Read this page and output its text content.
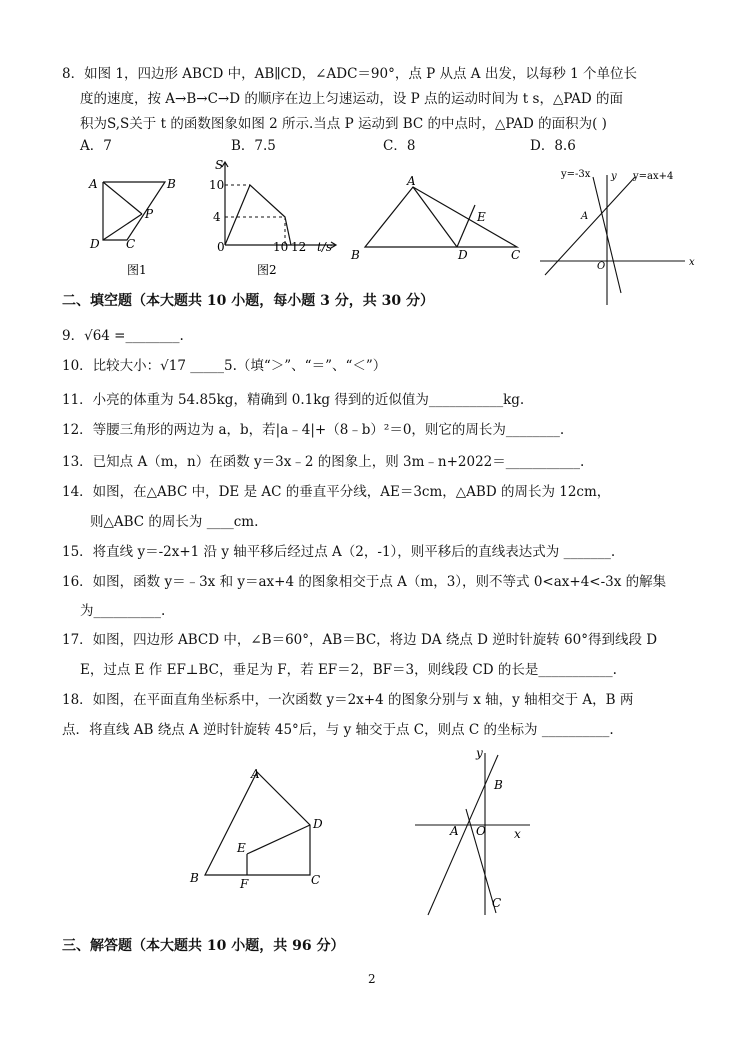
8．如图 1，四边形 ABCD 中，AB∥CD，∠ADC＝90°，点 P 从点 A 出发，以每秒 1 个单位长
度的速度，按 A→B→C→D 的顺序在边上匀速运动，设 P 点的运动时间为 t s，△PAD 的面
积为S,S关于 t 的函数图象如图 2 所示.当点 P 运动到 BC 的中点时，△PAD 的面积为( )
A．7	B．7.5	C．8	D．8.6
A	B
P
D C
图1
S
10
4
0	10 12 t/s
图2
A
B	D	C
E
y=-3x y y=ax+4
A
O	x
二、填空题（本大题共 10 小题，每小题 3 分，共 30 分）
9．√64 =________.
10．比较大小：√17 _____5.（填“＞”、“＝”、“＜”）
11．小亮的体重为 54.85kg，精确到 0.1kg 得到的近似值为___________kg.
12．等腰三角形的两边为 a，b，若|a﹣4|+（8﹣b）²＝0，则它的周长为________.
13．已知点 A（m，n）在函数 y＝3x﹣2 的图象上，则 3m﹣n+2022＝___________.
14．如图，在△ABC 中，DE 是 AC 的垂直平分线，AE＝3cm，△ABD 的周长为 12cm，
则△ABC 的周长为 ____cm.
15．将直线 y＝-2x+1 沿 y 轴平移后经过点 A（2，-1），则平移后的直线表达式为 _______.
16．如图，函数 y＝﹣3x 和 y＝ax+4 的图象相交于点 A（m，3），则不等式 0<ax+4<-3x 的解集
为__________.
17．如图，四边形 ABCD 中，∠B＝60°，AB＝BC，将边 DA 绕点 D 逆时针旋转 60°得到线段 D
E，过点 E 作 EF⊥BC，垂足为 F，若 EF＝2，BF＝3，则线段 CD 的长是___________.
18．如图，在平面直角坐标系中，一次函数 y＝2x+4 的图象分别与 x 轴，y 轴相交于 A，B 两
点．将直线 AB 绕点 A 逆时针旋转 45°后，与 y 轴交于点 C，则点 C 的坐标为 __________.
A
B	C
D
E
F
y
B
A O x
C
三、解答题（本大题共 10 小题，共 96 分）
2
